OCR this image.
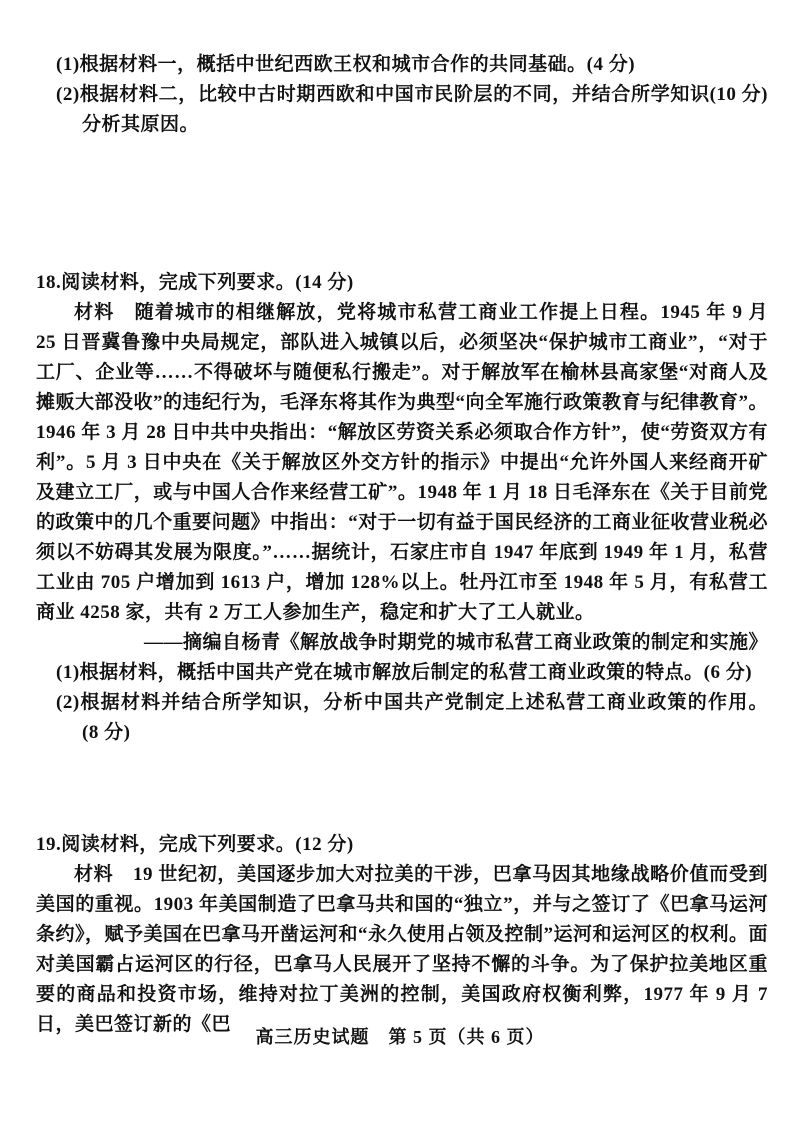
(1)根据材料一，概括中世纪西欧王权和城市合作的共同基础。(4 分)

(10 分)
(2)根据材料二，比较中古时期西欧和中国市民阶层的不同，并结合所学知识分析其原因。

18.阅读材料，完成下列要求。(14 分)

材料　随着城市的相继解放，党将城市私营工商业工作提上日程。1945 年 9 月 25 日晋冀鲁豫中央局规定，部队进入城镇以后，必须坚决“保护城市工商业”，“对于工厂、企业等……不得破坏与随便私行搬走”。对于解放军在榆林县高家堡“对商人及摊贩大部没收”的违纪行为，毛泽东将其作为典型“向全军施行政策教育与纪律教育”。1946 年 3 月 28 日中共中央指出：“解放区劳资关系必须取合作方针”，使“劳资双方有利”。5 月 3 日中央在《关于解放区外交方针的指示》中提出“允许外国人来经商开矿及建立工厂，或与中国人合作来经营工矿”。1948 年 1 月 18 日毛泽东在《关于目前党的政策中的几个重要问题》中指出：“对于一切有益于国民经济的工商业征收营业税必须以不妨碍其发展为限度。”……据统计，石家庄市自 1947 年底到 1949 年 1 月，私营工业由 705 户增加到 1613 户，增加 128%以上。牡丹江市至 1948 年 5 月，有私营工商业 4258 家，共有 2 万工人参加生产，稳定和扩大了工人就业。

——摘编自杨青《解放战争时期党的城市私营工商业政策的制定和实施》

(1)根据材料，概括中国共产党在城市解放后制定的私营工商业政策的特点。(6 分)

(2)根据材料并结合所学知识，分析中国共产党制定上述私营工商业政策的作用。(8 分)

19.阅读材料，完成下列要求。(12 分)

材料　19 世纪初，美国逐步加大对拉美的干涉，巴拿马因其地缘战略价值而受到美国的重视。1903 年美国制造了巴拿马共和国的“独立”，并与之签订了《巴拿马运河条约》，赋予美国在巴拿马开凿运河和“永久使用占领及控制”运河和运河区的权利。面对美国霸占运河区的行径，巴拿马人民展开了坚持不懈的斗争。为了保护拉美地区重要的商品和投资市场，维持对拉丁美洲的控制，美国政府权衡利弊，1977 年 9 月 7 日，美巴签订新的《巴

高三历史试题　第 5 页（共 6 页）
